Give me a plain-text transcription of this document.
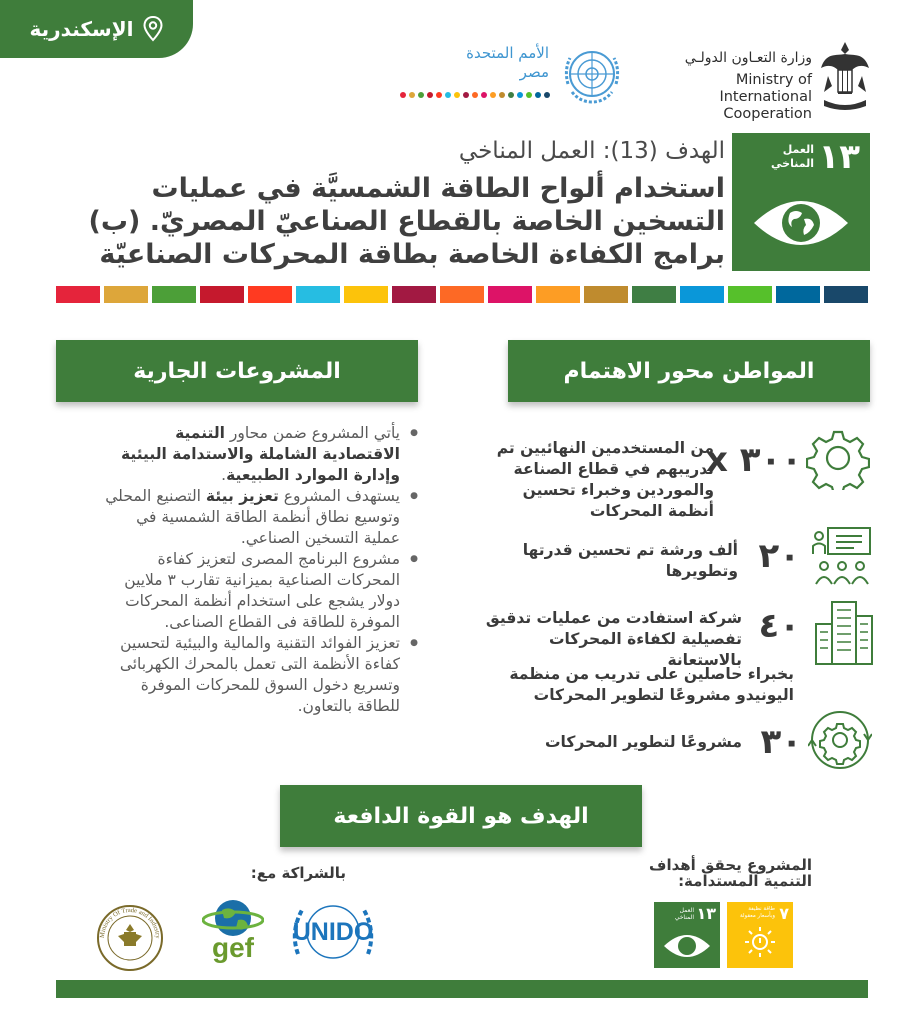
الإسكندرية
الأمم المتحدة
مصر
وزارة التعـاون الدولـي
Ministry of International
Cooperation
١٣
العمل
المناخي
الهدف (13): العمل المناخي
استخدام ألواح الطاقة الشمسيَّة في عمليات
التسخين الخاصة بالقطاع الصناعيّ المصريّ. (ب)
برامج الكفاءة الخاصة بطاقة المحركات الصناعيّة
المشروعات الجارية	المواطن محور الاهتمام
● يأتي المشروع ضمن محاور التنمية الاقتصادية الشاملة والاستدامة البيئية وإدارة الموارد الطبيعية.
● يستهدف المشروع تعزيز بيئة التصنيع المحلي وتوسيع نطاق أنظمة الطاقة الشمسية في عملية التسخين الصناعي.
● مشروع البرنامج المصرى لتعزيز كفاءة المحركات الصناعية بميزانية تقارب ٣ ملايين دولار يشجع على استخدام أنظمة المحركات الموفرة للطاقة فى القطاع الصناعى.
● تعزيز الفوائد التقنية والمالية والبيئية لتحسين كفاءة الأنظمة التى تعمل بالمحرك الكهربائى وتسريع دخول السوق للمحركات الموفرة للطاقة بالتعاون.
٣٠٠ x
من المستخدمين النهائيين تم تدريبهم في قطاع الصناعة والموردين وخبراء تحسين أنظمة المحركات
٢٠
ألف ورشة تم تحسين قدرتها وتطويرها
٤٠
شركة استفادت من عمليات تدقيق تفصيلية لكفاءة المحركات بالاستعانة
بخبراء حاصلين على تدريب من منظمة اليونيدو مشروعًا لتطوير المحركات
٣٠
مشروعًا لتطوير المحركات
الهدف هو القوة الدافعة
المشروع يحقق أهداف
التنمية المستدامة:
بالشراكة مع:
٧
طاقة نظيفة وبأسعار معقولة
١٣
العمل المناخي
UNIDO
gef
Ministry Of Trade and Industry
